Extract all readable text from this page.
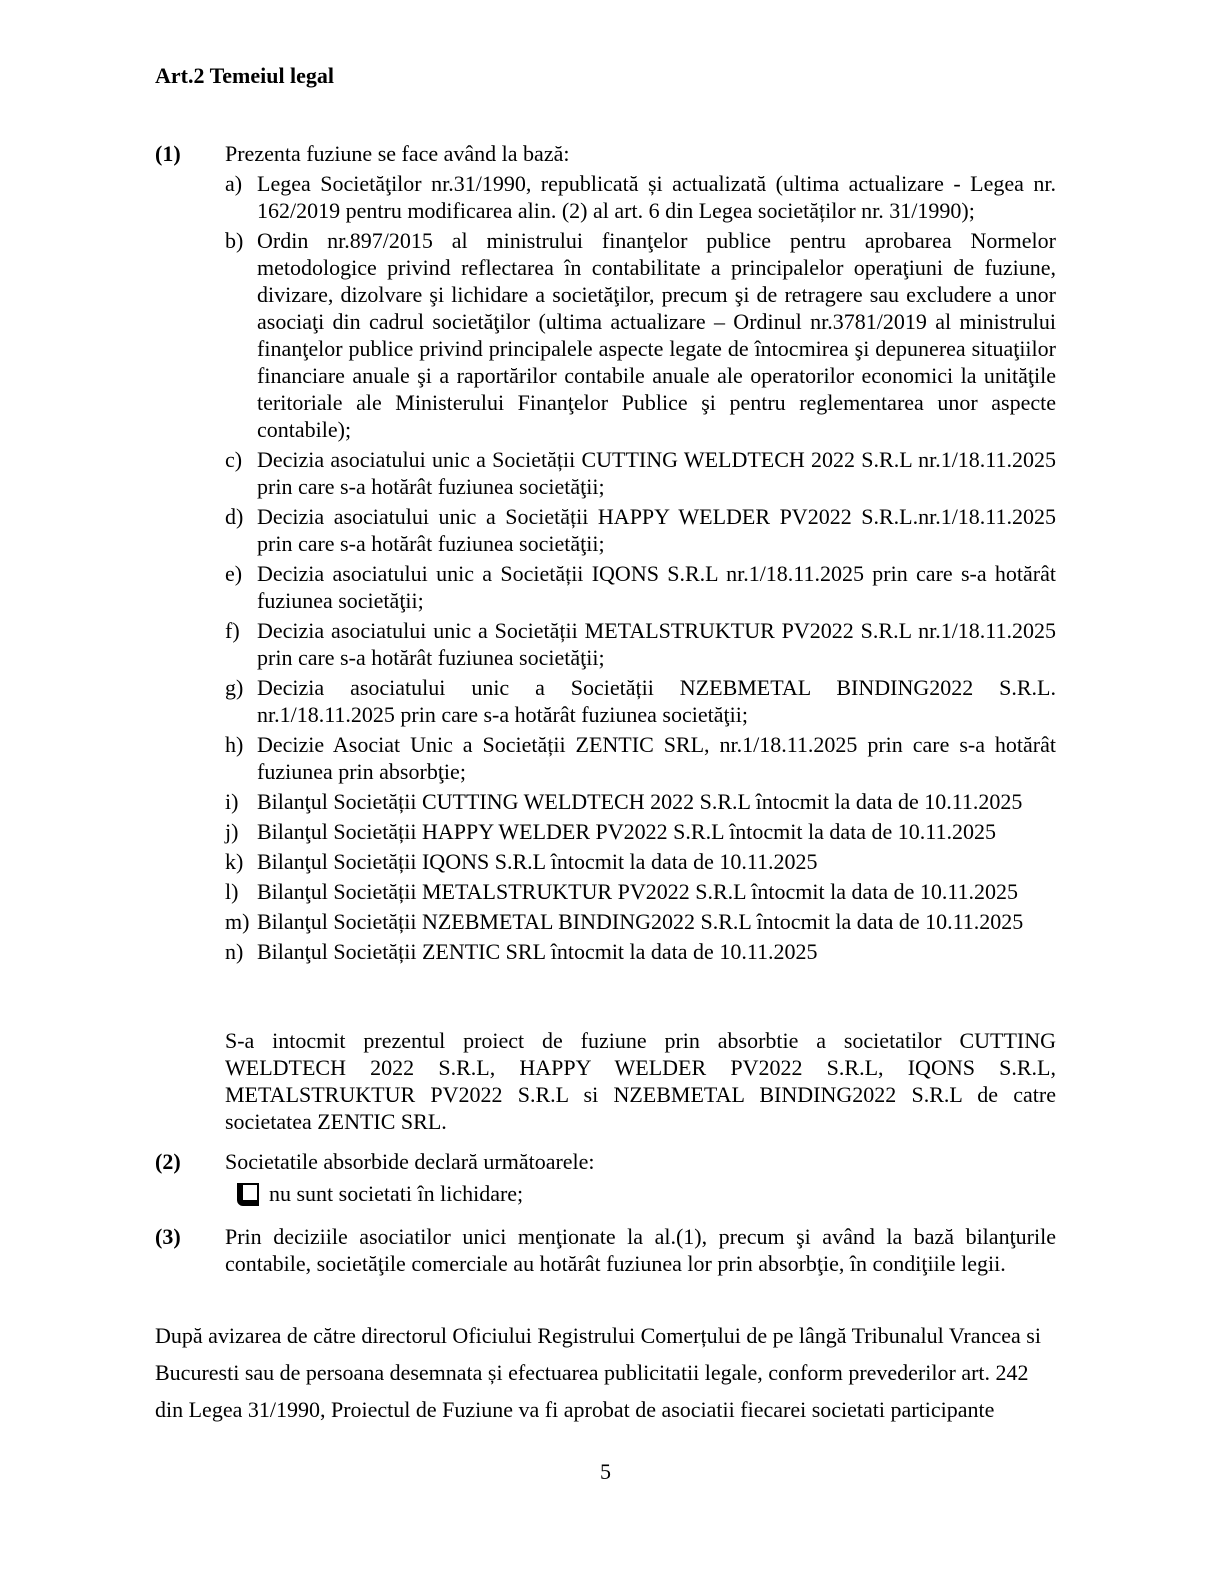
Art.2 Temeiul legal
(1)	Prezenta fuziune se face având la bază:
a) Legea Societăţilor nr.31/1990, republicată și actualizată (ultima actualizare - Legea nr. 162/2019 pentru modificarea alin. (2) al art. 6 din Legea societăților nr. 31/1990);
b) Ordin nr.897/2015 al ministrului finanţelor publice pentru aprobarea Normelor metodologice privind reflectarea în contabilitate a principalelor operaţiuni de fuziune, divizare, dizolvare şi lichidare a societăţilor, precum şi de retragere sau excludere a unor asociaţi din cadrul societăţilor (ultima actualizare – Ordinul nr.3781/2019 al ministrului finanţelor publice privind principalele aspecte legate de întocmirea şi depunerea situaţiilor financiare anuale şi a raportărilor contabile anuale ale operatorilor economici la unităţile teritoriale ale Ministerului Finanţelor Publice şi pentru reglementarea unor aspecte contabile);
c) Decizia asociatului unic a Societății CUTTING WELDTECH 2022 S.R.L nr.1/18.11.2025 prin care s-a hotărât fuziunea societăţii;
d) Decizia asociatului unic a Societății HAPPY WELDER PV2022 S.R.L.nr.1/18.11.2025 prin care s-a hotărât fuziunea societăţii;
e) Decizia asociatului unic a Societății IQONS S.R.L nr.1/18.11.2025 prin care s-a hotărât fuziunea societăţii;
f) Decizia asociatului unic a Societății METALSTRUKTUR PV2022 S.R.L nr.1/18.11.2025 prin care s-a hotărât fuziunea societăţii;
g) Decizia asociatului unic a Societății NZEBMETAL BINDING2022 S.R.L. nr.1/18.11.2025 prin care s-a hotărât fuziunea societăţii;
h) Decizie Asociat Unic a Societății ZENTIC SRL, nr.1/18.11.2025 prin care s-a hotărât fuziunea prin absorbţie;
i) Bilanţul Societății CUTTING WELDTECH 2022 S.R.L întocmit la data de 10.11.2025
j) Bilanţul Societății HAPPY WELDER PV2022 S.R.L întocmit la data de 10.11.2025
k) Bilanţul Societății IQONS S.R.L întocmit la data de 10.11.2025
l) Bilanţul Societății METALSTRUKTUR PV2022 S.R.L întocmit la data de 10.11.2025
m) Bilanţul Societății NZEBMETAL BINDING2022 S.R.L întocmit la data de 10.11.2025
n) Bilanţul Societății ZENTIC SRL întocmit la data de 10.11.2025

S-a intocmit prezentul proiect de fuziune prin absorbtie a societatilor CUTTING WELDTECH 2022 S.R.L, HAPPY WELDER PV2022 S.R.L, IQONS S.R.L, METALSTRUKTUR PV2022 S.R.L si NZEBMETAL BINDING2022 S.R.L de catre societatea ZENTIC SRL.

(2)	Societatile absorbide declară următoarele:
nu sunt societati în lichidare;
(3)	Prin deciziile asociatilor unici menţionate la al.(1), precum şi având la bază bilanţurile contabile, societăţile comerciale au hotărât fuziunea lor prin absorbţie, în condiţiile legii.

După avizarea de către directorul Oficiului Registrului Comerțului de pe lângă Tribunalul Vrancea si Bucuresti sau de persoana desemnata și efectuarea publicitatii legale, conform prevederilor art. 242 din Legea 31/1990, Proiectul de Fuziune va fi aprobat de asociatii fiecarei societati participante

5
